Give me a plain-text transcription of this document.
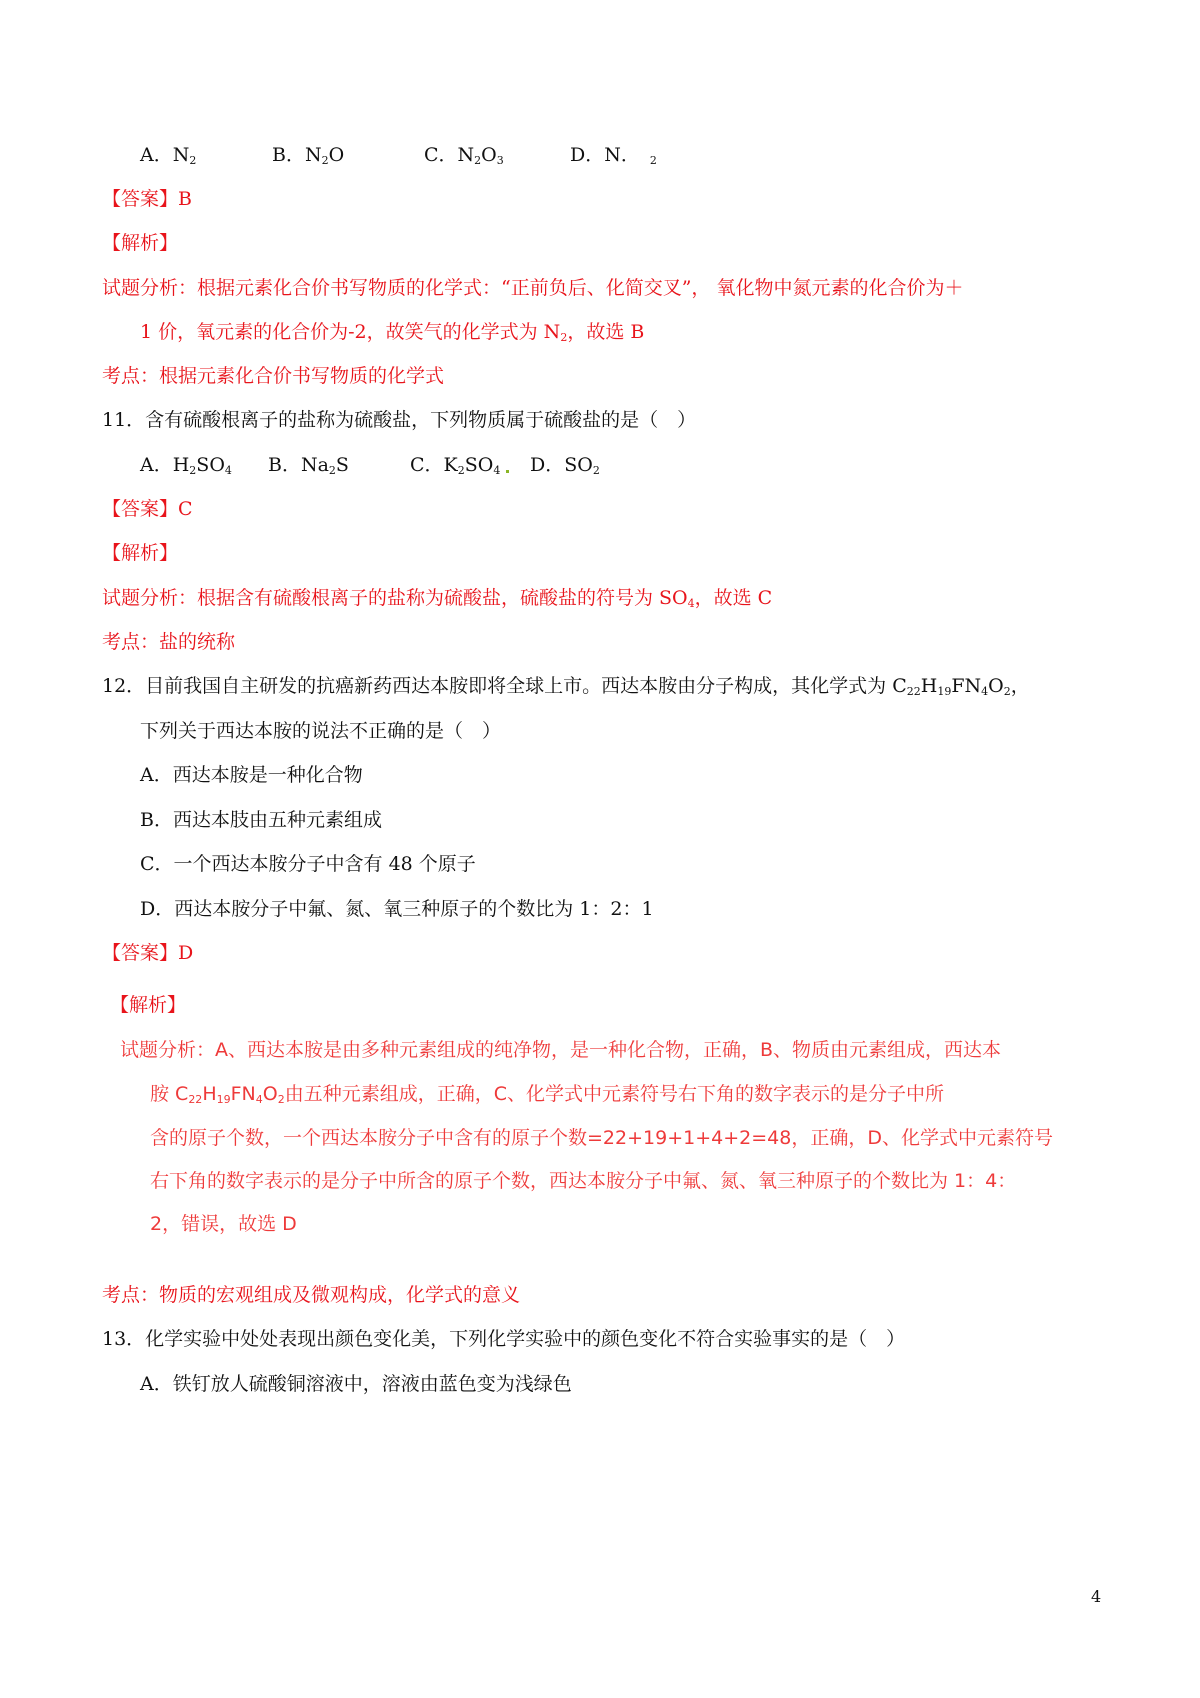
A．$N_2$	B．$N_2O$	C．$N_2O_3$	D．N． $_2$
【答案】B
【解析】
试题分析：根据元素化合价书写物质的化学式：“正前负后、化简交叉”， 氧化物中氮元素的化合价为＋
1 价，氧元素的化合价为-2，故笑气的化学式为 $N_2$，故选 B
考点：根据元素化合价书写物质的化学式
11．含有硫酸根离子的盐称为硫酸盐，下列物质属于硫酸盐的是（　）
A．$H_2SO_4$ B．$Na_2S$	C．$K_2SO_4$	D．$SO_2$
【答案】C
【解析】
试题分析：根据含有硫酸根离子的盐称为硫酸盐，硫酸盐的符号为 $SO_4$，故选 C
考点：盐的统称
12．目前我国自主研发的抗癌新药西达本胺即将全球上市。西达本胺由分子构成，其化学式为 $C_{22}H_{19}FN_4O_2$，
下列关于西达本胺的说法不正确的是（　）
A．西达本胺是一种化合物
B．西达本肢由五种元素组成
C．一个西达本胺分子中含有 48 个原子
D．西达本胺分子中氟、氮、氧三种原子的个数比为 1：2：1
【答案】D
【解析】
试题分析：A、西达本胺是由多种元素组成的纯净物，是一种化合物，正确，B、物质由元素组成，西达本
胺 $C_{22}H_{19}FN_4O_2$由五种元素组成，正确，C、化学式中元素符号右下角的数字表示的是分子中所
含的原子个数，一个西达本胺分子中含有的原子个数=22+19+1+4+2=48，正确，D、化学式中元素符号
右下角的数字表示的是分子中所含的原子个数，西达本胺分子中氟、氮、氧三种原子的个数比为 1：4：
2，错误，故选 D
考点：物质的宏观组成及微观构成，化学式的意义
13．化学实验中处处表现出颜色变化美，下列化学实验中的颜色变化不符合实验事实的是（　）
A．铁钉放人硫酸铜溶液中，溶液由蓝色变为浅绿色
4
